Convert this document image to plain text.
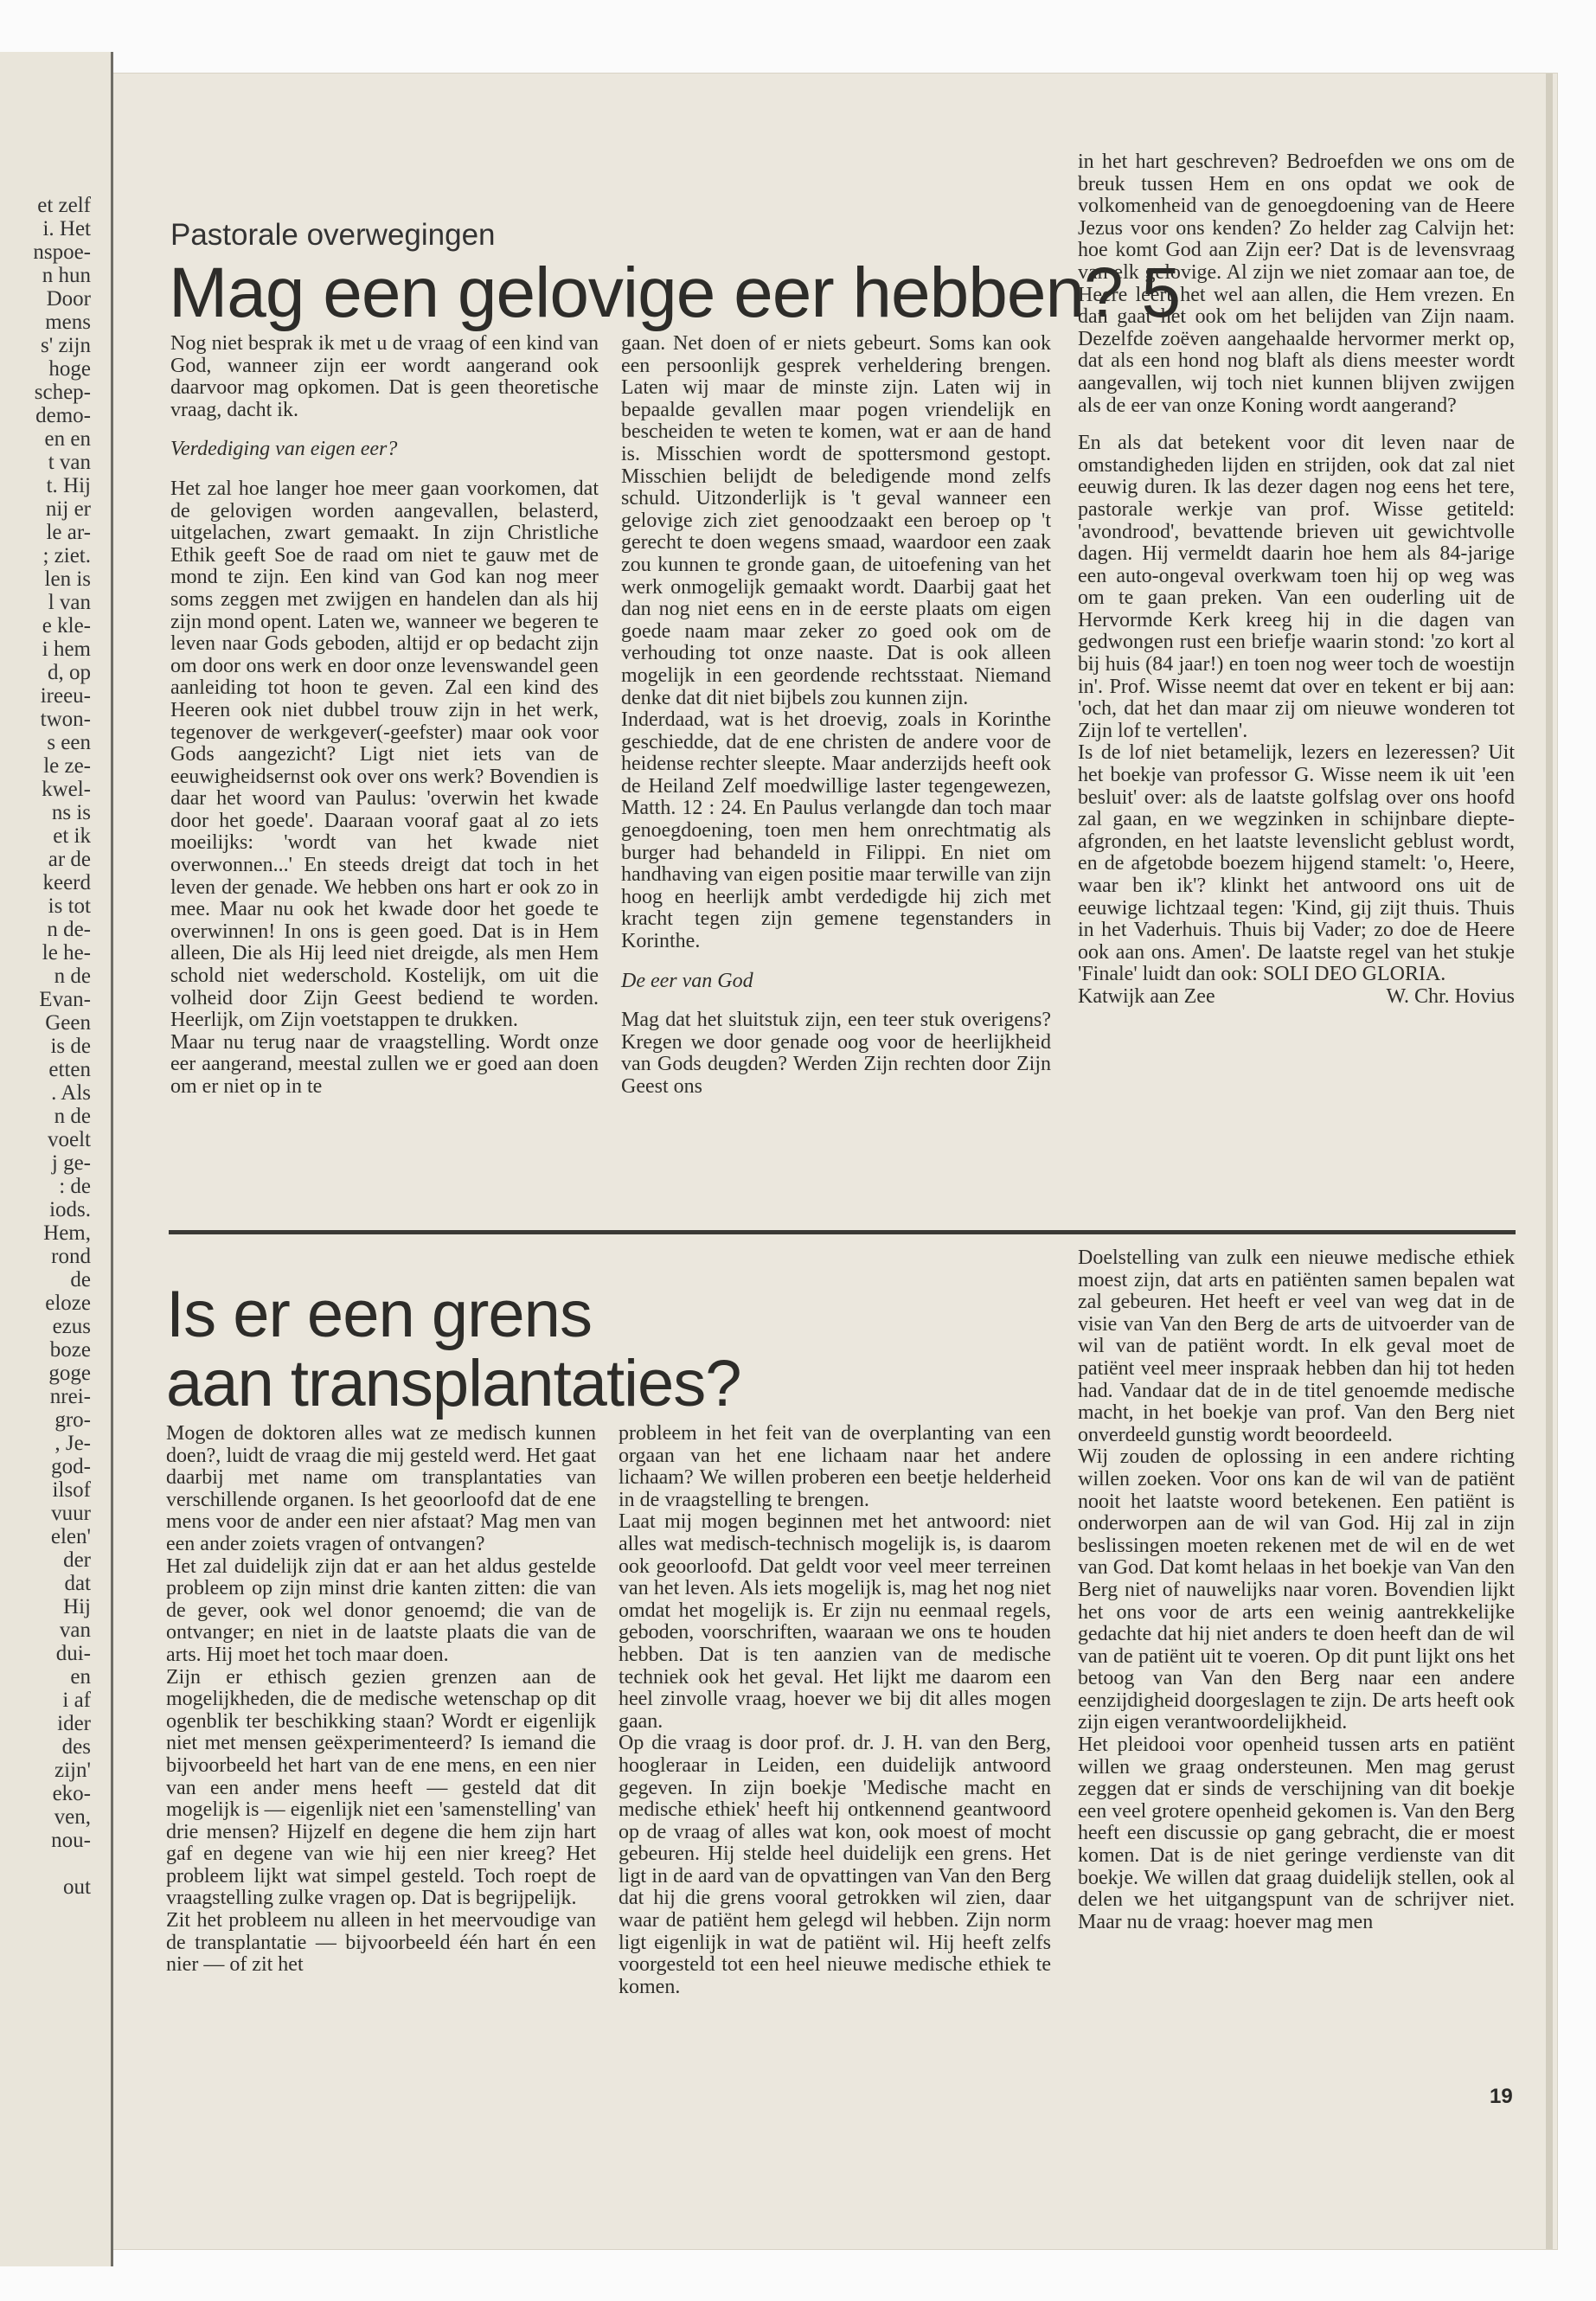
et zelf
i. Het
nspoe-
n hun
Door
mens
s' zijn
hoge
schep-
demo-
en en
t van
t. Hij
nij er
le ar-
; ziet.
len is
l van
e kle-
i hem
d, op
ireeu-
twon-
s een
le ze-
kwel-
ns is
et ik
ar de
keerd
is tot
n de-
le he-
n de
Evan-
Geen
is de
etten
. Als
n de
voelt
j ge-
: de
iods.
Hem,
rond
de
eloze
ezus
boze
goge
nrei-
gro-
, Je-
god-
ilsof
vuur
elen'
der
dat
Hij
van
dui-
en
i af
ider
des
zijn'
eko-
ven,
nou-
out
Pastorale overwegingen
Mag een gelovige eer hebben? 5

Nog niet besprak ik met u de vraag of een kind van God, wanneer zijn eer wordt aangerand ook daarvoor mag opkomen. Dat is geen theoretische vraag, dacht ik.

Verdediging van eigen eer?

Het zal hoe langer hoe meer gaan voorkomen, dat de gelovigen worden aangevallen, belasterd, uitgelachen, zwart gemaakt. In zijn Christliche Ethik geeft Soe de raad om niet te gauw met de mond te zijn. Een kind van God kan nog meer soms zeggen met zwijgen en handelen dan als hij zijn mond opent. Laten we, wanneer we begeren te leven naar Gods geboden, altijd er op bedacht zijn om door ons werk en door onze levenswandel geen aanleiding tot hoon te geven. Zal een kind des Heeren ook niet dubbel trouw zijn in het werk, tegenover de werkgever(-geefster) maar ook voor Gods aangezicht? Ligt niet iets van de eeuwigheidsernst ook over ons werk? Bovendien is daar het woord van Paulus: 'overwin het kwade door het goede'. Daaraan vooraf gaat al zo iets moeilijks: 'wordt van het kwade niet overwonnen...' En steeds dreigt dat toch in het leven der genade. We hebben ons hart er ook zo in mee. Maar nu ook het kwade door het goede te overwinnen! In ons is geen goed. Dat is in Hem alleen, Die als Hij leed niet dreigde, als men Hem schold niet wederschold. Kostelijk, om uit die volheid door Zijn Geest bediend te worden. Heerlijk, om Zijn voetstappen te drukken.

Maar nu terug naar de vraagstelling. Wordt onze eer aangerand, meestal zullen we er goed aan doen om er niet op in te

gaan. Net doen of er niets gebeurt. Soms kan ook een persoonlijk gesprek verheldering brengen. Laten wij maar de minste zijn. Laten wij in bepaalde gevallen maar pogen vriendelijk en bescheiden te weten te komen, wat er aan de hand is. Misschien wordt de spottersmond gestopt. Misschien belijdt de beledigende mond zelfs schuld. Uitzonderlijk is 't geval wanneer een gelovige zich ziet genoodzaakt een beroep op 't gerecht te doen wegens smaad, waardoor een zaak zou kunnen te gronde gaan, de uitoefening van het werk onmogelijk gemaakt wordt. Daarbij gaat het dan nog niet eens en in de eerste plaats om eigen goede naam maar zeker zo goed ook om de verhouding tot onze naaste. Dat is ook alleen mogelijk in een geordende rechtsstaat. Niemand denke dat dit niet bijbels zou kunnen zijn.

Inderdaad, wat is het droevig, zoals in Korinthe geschiedde, dat de ene christen de andere voor de heidense rechter sleepte. Maar anderzijds heeft ook de Heiland Zelf moedwillige laster tegengewezen, Matth. 12 : 24. En Paulus verlangde dan toch maar genoegdoening, toen men hem onrechtmatig als burger had behandeld in Filippi. En niet om handhaving van eigen positie maar terwille van zijn hoog en heerlijk ambt verdedigde hij zich met kracht tegen zijn gemene tegenstanders in Korinthe.

De eer van God

Mag dat het sluitstuk zijn, een teer stuk overigens? Kregen we door genade oog voor de heerlijkheid van Gods deugden? Werden Zijn rechten door Zijn Geest ons

in het hart geschreven? Bedroefden we ons om de breuk tussen Hem en ons opdat we ook de volkomenheid van de genoegdoening van de Heere Jezus voor ons kenden? Zo helder zag Calvijn het: hoe komt God aan Zijn eer? Dat is de levensvraag van elk gelovige. Al zijn we niet zomaar aan toe, de Heere leert het wel aan allen, die Hem vrezen. En dan gaat het ook om het belijden van Zijn naam. Dezelfde zoëven aangehaalde hervormer merkt op, dat als een hond nog blaft als diens meester wordt aangevallen, wij toch niet kunnen blijven zwijgen als de eer van onze Koning wordt aangerand?

En als dat betekent voor dit leven naar de omstandigheden lijden en strijden, ook dat zal niet eeuwig duren. Ik las dezer dagen nog eens het tere, pastorale werkje van prof. Wisse getiteld: 'avondrood', bevattende brieven uit gewichtvolle dagen. Hij vermeldt daarin hoe hem als 84-jarige een auto-ongeval overkwam toen hij op weg was om te gaan preken. Van een ouderling uit de Hervormde Kerk kreeg hij in die dagen van gedwongen rust een briefje waarin stond: 'zo kort al bij huis (84 jaar!) en toen nog weer toch de woestijn in'. Prof. Wisse neemt dat over en tekent er bij aan: 'och, dat het dan maar zij om nieuwe wonderen tot Zijn lof te vertellen'.

Is de lof niet betamelijk, lezers en lezeressen? Uit het boekje van professor G. Wisse neem ik uit 'een besluit' over: als de laatste golfslag over ons hoofd zal gaan, en we wegzinken in schijnbare diepte-afgronden, en het laatste levenslicht geblust wordt, en de afgetobde boezem hijgend stamelt: 'o, Heere, waar ben ik'? klinkt het antwoord ons uit de eeuwige lichtzaal tegen: 'Kind, gij zijt thuis. Thuis in het Vaderhuis. Thuis bij Vader; zo doe de Heere ook aan ons. Amen'. De laatste regel van het stukje 'Finale' luidt dan ook: SOLI DEO GLORIA.

Katwijk aan Zee	W. Chr. Hovius
Is er een grens
aan transplantaties?

Mogen de doktoren alles wat ze medisch kunnen doen?, luidt de vraag die mij gesteld werd. Het gaat daarbij met name om transplantaties van verschillende organen. Is het geoorloofd dat de ene mens voor de ander een nier afstaat? Mag men van een ander zoiets vragen of ontvangen?

Het zal duidelijk zijn dat er aan het aldus gestelde probleem op zijn minst drie kanten zitten: die van de gever, ook wel donor genoemd; die van de ontvanger; en niet in de laatste plaats die van de arts. Hij moet het toch maar doen.

Zijn er ethisch gezien grenzen aan de mogelijkheden, die de medische wetenschap op dit ogenblik ter beschikking staan? Wordt er eigenlijk niet met mensen geëxperimenteerd? Is iemand die bijvoorbeeld het hart van de ene mens, en een nier van een ander mens heeft — gesteld dat dit mogelijk is — eigenlijk niet een 'samenstelling' van drie mensen? Hijzelf en degene die hem zijn hart gaf en degene van wie hij een nier kreeg? Het probleem lijkt wat simpel gesteld. Toch roept de vraagstelling zulke vragen op. Dat is begrijpelijk.

Zit het probleem nu alleen in het meervoudige van de transplantatie — bijvoorbeeld één hart én een nier — of zit het

probleem in het feit van de overplanting van een orgaan van het ene lichaam naar het andere lichaam? We willen proberen een beetje helderheid in de vraagstelling te brengen.

Laat mij mogen beginnen met het antwoord: niet alles wat medisch-technisch mogelijk is, is daarom ook geoorloofd. Dat geldt voor veel meer terreinen van het leven. Als iets mogelijk is, mag het nog niet omdat het mogelijk is. Er zijn nu eenmaal regels, geboden, voorschriften, waaraan we ons te houden hebben. Dat is ten aanzien van de medische techniek ook het geval. Het lijkt me daarom een heel zinvolle vraag, hoever we bij dit alles mogen gaan.

Op die vraag is door prof. dr. J. H. van den Berg, hoogleraar in Leiden, een duidelijk antwoord gegeven. In zijn boekje 'Medische macht en medische ethiek' heeft hij ontkennend geantwoord op de vraag of alles wat kon, ook moest of mocht gebeuren. Hij stelde heel duidelijk een grens. Het ligt in de aard van de opvattingen van Van den Berg dat hij die grens vooral getrokken wil zien, daar waar de patiënt hem gelegd wil hebben. Zijn norm ligt eigenlijk in wat de patiënt wil. Hij heeft zelfs voorgesteld tot een heel nieuwe medische ethiek te komen.

Doelstelling van zulk een nieuwe medische ethiek moest zijn, dat arts en patiënten samen bepalen wat zal gebeuren. Het heeft er veel van weg dat in de visie van Van den Berg de arts de uitvoerder van de wil van de patiënt wordt. In elk geval moet de patiënt veel meer inspraak hebben dan hij tot heden had. Vandaar dat de in de titel genoemde medische macht, in het boekje van prof. Van den Berg niet onverdeeld gunstig wordt beoordeeld.

Wij zouden de oplossing in een andere richting willen zoeken. Voor ons kan de wil van de patiënt nooit het laatste woord betekenen. Een patiënt is onderworpen aan de wil van God. Hij zal in zijn beslissingen moeten rekenen met de wil en de wet van God. Dat komt helaas in het boekje van Van den Berg niet of nauwelijks naar voren. Bovendien lijkt het ons voor de arts een weinig aantrekkelijke gedachte dat hij niet anders te doen heeft dan de wil van de patiënt uit te voeren. Op dit punt lijkt ons het betoog van Van den Berg naar een andere eenzijdigheid doorgeslagen te zijn. De arts heeft ook zijn eigen verantwoordelijkheid.

Het pleidooi voor openheid tussen arts en patiënt willen we graag ondersteunen. Men mag gerust zeggen dat er sinds de verschijning van dit boekje een veel grotere openheid gekomen is. Van den Berg heeft een discussie op gang gebracht, die er moest komen. Dat is de niet geringe verdienste van dit boekje. We willen dat graag duidelijk stellen, ook al delen we het uitgangspunt van de schrijver niet. Maar nu de vraag: hoever mag men

19
